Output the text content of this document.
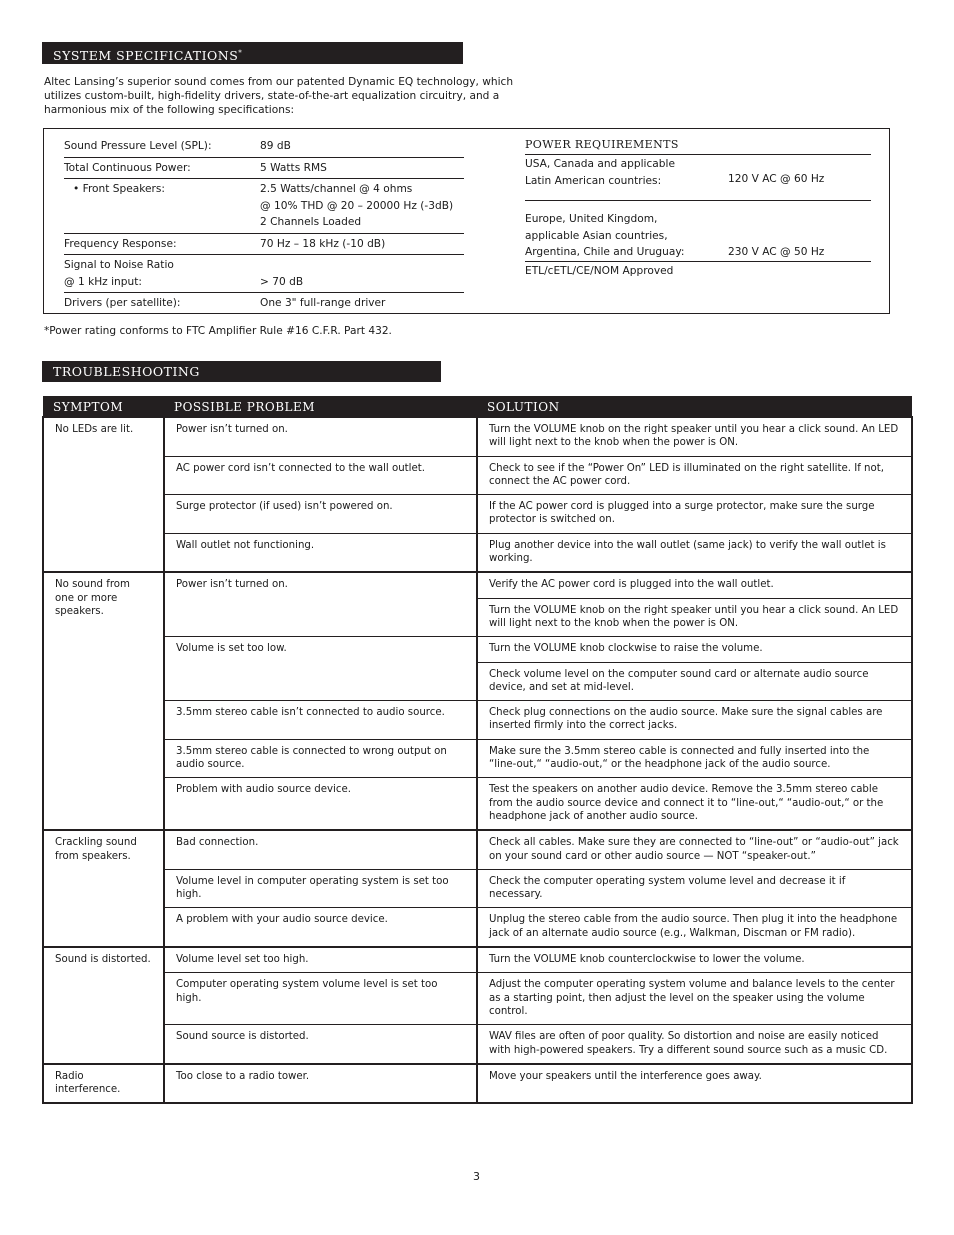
SYSTEM SPECIFICATIONS*
Altec Lansing’s superior sound comes from our patented Dynamic EQ technology, which utilizes custom-built, high-fidelity drivers, state-of-the-art equalization circuitry, and a harmonious mix of the following specifications:
Sound Pressure Level (SPL):	89 dB
Total Continuous Power:	5 Watts RMS
• Front Speakers:	2.5 Watts/channel @ 4 ohms
@ 10% THD @ 20 – 20000 Hz (-3dB)
2 Channels Loaded

Frequency Response:	70 Hz – 18 kHz (-10 dB)

Signal to Noise Ratio
@ 1 kHz input:	> 70 dB
Drivers (per satellite):	One 3" full-range driver
POWER REQUIREMENTS
USA, Canada and applicable
Latin American countries:	120 V AC @ 60 Hz
Europe, United Kingdom,
applicable Asian countries,
Argentina, Chile and Uruguay:	230 V AC @ 50 Hz
ETL/cETL/CE/NOM Approved
*Power rating conforms to FTC Amplifier Rule #16 C.F.R. Part 432.
TROUBLESHOOTING
SYMPTOM	POSSIBLE PROBLEM	SOLUTION
No LEDs are lit.	Power isn’t turned on.	Turn the VOLUME knob on the right speaker until you hear a click sound. An LED will light next to the knob when the power is ON.
	AC power cord isn’t connected to the wall outlet.	Check to see if the “Power On” LED is illuminated on the right satellite. If not, connect the AC power cord.
	Surge protector (if used) isn’t powered on.	If the AC power cord is plugged into a surge protector, make sure the surge protector is switched on.
	Wall outlet not functioning.	Plug another device into the wall outlet (same jack) to verify the wall outlet is working.
No sound from one or more speakers.	Power isn’t turned on.	Verify the AC power cord is plugged into the wall outlet.
		Turn the VOLUME knob on the right speaker until you hear a click sound. An LED will light next to the knob when the power is ON.
	Volume is set too low.	Turn the VOLUME knob clockwise to raise the volume.
		Check volume level on the computer sound card or alternate audio source device, and set at mid-level.
	3.5mm stereo cable isn’t connected to audio source.	Check plug connections on the audio source. Make sure the signal cables are inserted firmly into the correct jacks.
	3.5mm stereo cable is connected to wrong output on audio source.	Make sure the 3.5mm stereo cable is connected and fully inserted into the “line-out,“ “audio-out,“ or the headphone jack of the audio source.
	Problem with audio source device.	Test the speakers on another audio device. Remove the 3.5mm stereo cable from the audio source device and connect it to “line-out,“ “audio-out,“ or the headphone jack of another audio source.
Crackling sound from speakers.	Bad connection.	Check all cables. Make sure they are connected to “line-out” or “audio-out” jack on your sound card or other audio source — NOT “speaker-out.”
	Volume level in computer operating system is set too high.	Check the computer operating system volume level and decrease it if necessary.
	A problem with your audio source device.	Unplug the stereo cable from the audio source. Then plug it into the headphone jack of an alternate audio source (e.g., Walkman, Discman or FM radio).
Sound is distorted.	Volume level set too high.	Turn the VOLUME knob counterclockwise to lower the volume.
	Computer operating system volume level is set too high.	Adjust the computer operating system volume and balance levels to the center as a starting point, then adjust the level on the speaker using the volume control.
	Sound source is distorted.	WAV files are often of poor quality. So distortion and noise are easily noticed with high-powered speakers. Try a different sound source such as a music CD.
Radio interference.	Too close to a radio tower.	Move your speakers until the interference goes away.
3
